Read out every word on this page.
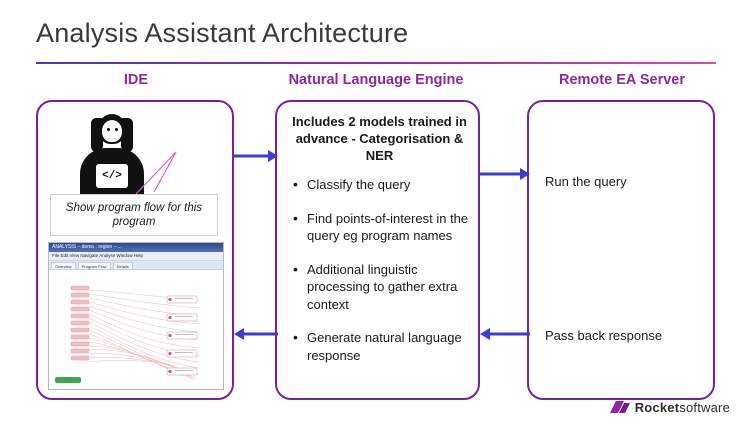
Analysis Assistant Architecture
IDE	Natural Language Engine	Remote EA Server
</>
Show program flow for this program
ANALYSIS – demo : region – ...
File Edit View Navigate Analyse Window Help
Overview	Program Flow	Details
Includes 2 models trained in advance - Categorisation & NER
• Classify the query
• Find points-of-interest in the query eg program names
• Additional linguistic processing to gather extra context
• Generate natural language response
Run the query
Pass back response
Rocketsoftware
